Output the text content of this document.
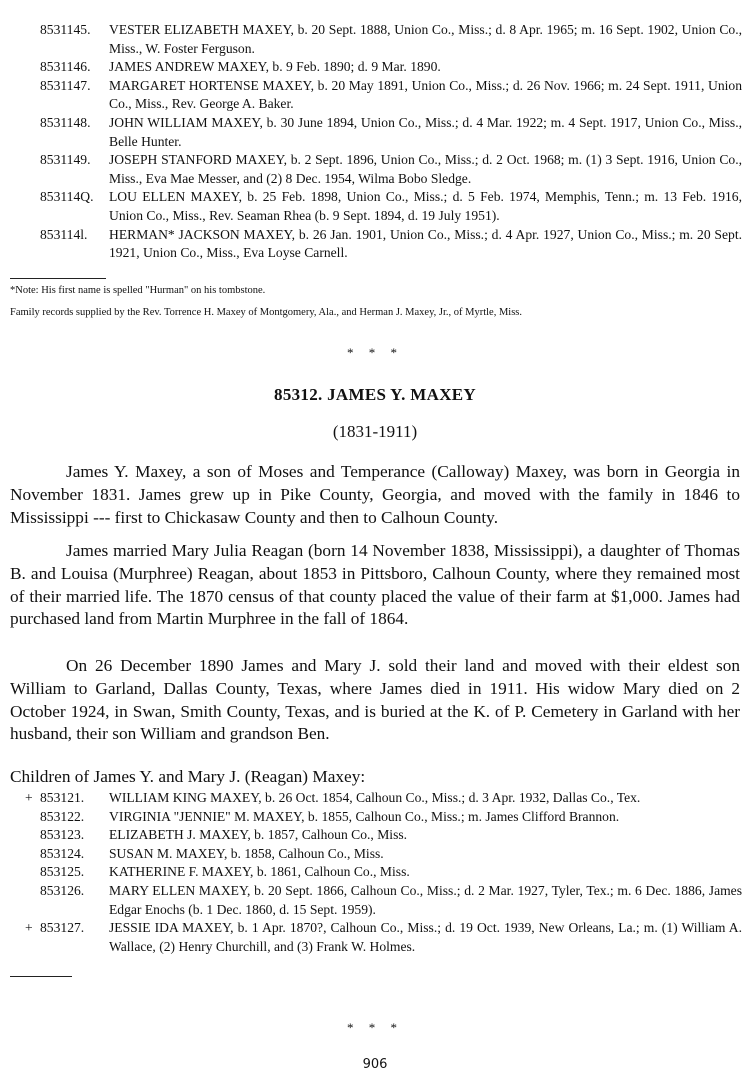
8531145.	VESTER ELIZABETH MAXEY, b. 20 Sept. 1888, Union Co., Miss.; d. 8 Apr. 1965; m. 16 Sept. 1902, Union Co., Miss., W. Foster Ferguson.
8531146.	JAMES ANDREW MAXEY, b. 9 Feb. 1890; d. 9 Mar. 1890.
8531147.	MARGARET HORTENSE MAXEY, b. 20 May 1891, Union Co., Miss.; d. 26 Nov. 1966; m. 24 Sept. 1911, Union Co., Miss., Rev. George A. Baker.
8531148.	JOHN WILLIAM MAXEY, b. 30 June 1894, Union Co., Miss.; d. 4 Mar. 1922; m. 4 Sept. 1917, Union Co., Miss., Belle Hunter.
8531149.	JOSEPH STANFORD MAXEY, b. 2 Sept. 1896, Union Co., Miss.; d. 2 Oct. 1968; m. (1) 3 Sept. 1916, Union Co., Miss., Eva Mae Messer, and (2) 8 Dec. 1954, Wilma Bobo Sledge.
853114Q.	LOU ELLEN MAXEY, b. 25 Feb. 1898, Union Co., Miss.; d. 5 Feb. 1974, Memphis, Tenn.; m. 13 Feb. 1916, Union Co., Miss., Rev. Seaman Rhea (b. 9 Sept. 1894, d. 19 July 1951).
853114l.	HERMAN* JACKSON MAXEY, b. 26 Jan. 1901, Union Co., Miss.; d. 4 Apr. 1927, Union Co., Miss.; m. 20 Sept. 1921, Union Co., Miss., Eva Loyse Carnell.
*Note: His first name is spelled "Hurman" on his tombstone.
Family records supplied by the Rev. Torrence H. Maxey of Montgomery, Ala., and Herman J. Maxey, Jr., of Myrtle, Miss.
* * *
85312. JAMES Y. MAXEY
(1831-1911)

James Y. Maxey, a son of Moses and Temperance (Calloway) Maxey, was born in Georgia in November 1831. James grew up in Pike County, Georgia, and moved with the family in 1846 to Mississippi --- first to Chickasaw County and then to Calhoun County.

James married Mary Julia Reagan (born 14 November 1838, Mississippi), a daughter of Thomas B. and Louisa (Murphree) Reagan, about 1853 in Pittsboro, Calhoun County, where they remained most of their married life. The 1870 census of that county placed the value of their farm at $1,000. James had purchased land from Martin Murphree in the fall of 1864.

On 26 December 1890 James and Mary J. sold their land and moved with their eldest son William to Garland, Dallas County, Texas, where James died in 1911. His widow Mary died on 2 October 1924, in Swan, Smith County, Texas, and is buried at the K. of P. Cemetery in Garland with her husband, their son William and grandson Ben.

Children of James Y. and Mary J. (Reagan) Maxey:
+ 853121.	WILLIAM KING MAXEY, b. 26 Oct. 1854, Calhoun Co., Miss.; d. 3 Apr. 1932, Dallas Co., Tex.
853122.	VIRGINIA "JENNIE" M. MAXEY, b. 1855, Calhoun Co., Miss.; m. James Clifford Brannon.
853123.	ELIZABETH J. MAXEY, b. 1857, Calhoun Co., Miss.
853124.	SUSAN M. MAXEY, b. 1858, Calhoun Co., Miss.
853125.	KATHERINE F. MAXEY, b. 1861, Calhoun Co., Miss.
853126.	MARY ELLEN MAXEY, b. 20 Sept. 1866, Calhoun Co., Miss.; d. 2 Mar. 1927, Tyler, Tex.; m. 6 Dec. 1886, James Edgar Enochs (b. 1 Dec. 1860, d. 15 Sept. 1959).
+ 853127.	JESSIE IDA MAXEY, b. 1 Apr. 1870?, Calhoun Co., Miss.; d. 19 Oct. 1939, New Orleans, La.; m. (1) William A. Wallace, (2) Henry Churchill, and (3) Frank W. Holmes.
* * *
906
